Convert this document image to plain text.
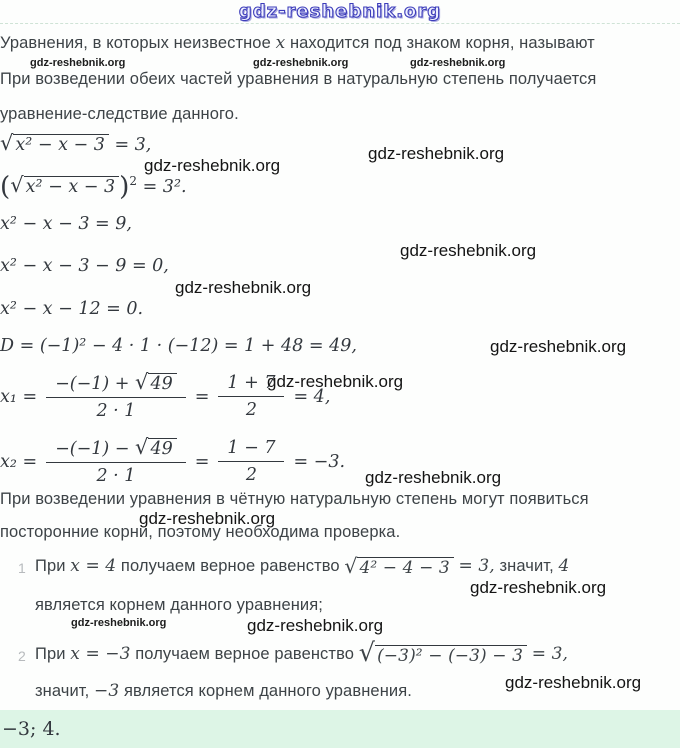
gdz-reshebnik.org
Уравнения, в которых неизвестное x находится под знаком корня, называют
При возведении обеих частей уравнения в натуральную степень получается
уравнение-следствие данного.
√ x² − x − 3 = 3,
( √ x² − x − 3 )$^2$ = 3².
x² − x − 3 = 9,
x² − x − 3 − 9 = 0,
x² − x − 12 = 0.
D = (−1)² − 4 · 1 · (−12) = 1 + 48 = 49,
$x_1 = \frac{-(-1) + √ 49}{2 \cdot 1} = \frac{1 + 7}{2} = 4$,
$x_2 = \frac{-(-1) - √ 49}{2 \cdot 1} = \frac{1 - 7}{2} = -3$.
При возведении уравнения в чётную натуральную степень могут появиться
посторонние корни, поэтому необходима проверка.
1 При x = 4 получаем верное равенство √ 4² − 4 − 3 = 3, значит, 4
является корнем данного уравнения;
2 При x = −3 получаем верное равенство √ (−3)² − (−3) − 3 = 3,
значит, −3 является корнем данного уравнения.
−3; 4.
gdz-reshebnik.org	gdz-reshebnik.org	gdz-reshebnik.org
gdz-reshebnik.org
gdz-reshebnik.org
gdz-reshebnik.org
gdz-reshebnik.org
gdz-reshebnik.org
gdz-reshebnik.org
gdz-reshebnik.org
gdz-reshebnik.org
gdz-reshebnik.org
gdz-reshebnik.org	gdz-reshebnik.org
gdz-reshebnik.org
